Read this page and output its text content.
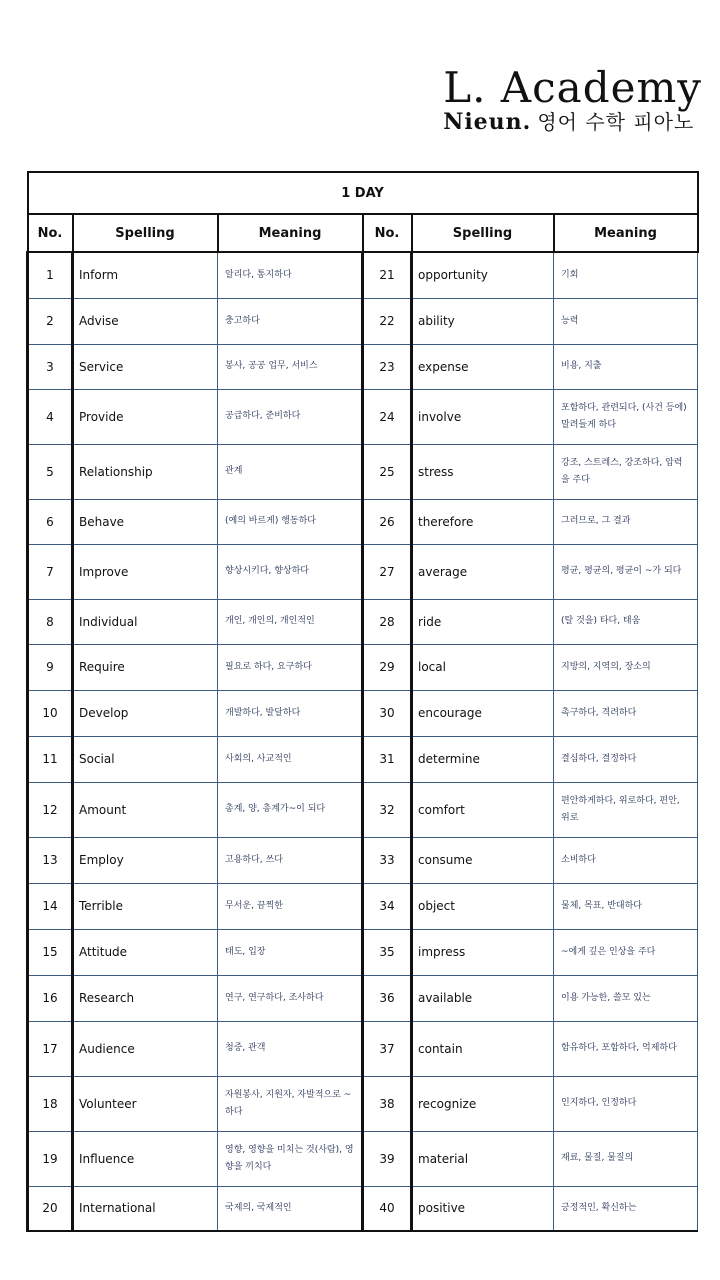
L. Academy
Nieun. 영어 수학 피아노
1 DAY					
No.	Spelling	Meaning	No.	Spelling	Meaning
1	Inform	알리다, 통지하다	21	opportunity	기회
2	Advise	충고하다	22	ability	능력
3	Service	봉사, 공공 업무, 서비스	23	expense	비용, 지출
4	Provide	공급하다, 준비하다	24	involve	포함하다, 관련되다, (사건 등에) 말려들게 하다
5	Relationship	관계	25	stress	강조, 스트레스, 강조하다, 압력을 주다
6	Behave	(예의 바르게) 행동하다	26	therefore	그러므로, 그 결과
7	Improve	향상시키다, 향상하다	27	average	평균, 평균의, 평균이 ~가 되다
8	Individual	개인, 개인의, 개인적인	28	ride	(탈 것을) 타다, 태움
9	Require	필요로 하다, 요구하다	29	local	지방의, 지역의, 장소의
10	Develop	개발하다, 발달하다	30	encourage	촉구하다, 격려하다
11	Social	사회의, 사교적인	31	determine	결심하다, 결정하다
12	Amount	총계, 양, 총계가~이 되다	32	comfort	편안하게하다, 위로하다, 편안, 위로
13	Employ	고용하다, 쓰다	33	consume	소비하다
14	Terrible	무서운, 끔찍한	34	object	물체, 목표, 반대하다
15	Attitude	태도, 입장	35	impress	~에게 깊은 인상을 주다
16	Research	연구, 연구하다, 조사하다	36	available	이용 가능한, 쓸모 있는
17	Audience	청중, 관객	37	contain	함유하다, 포함하다, 억제하다
18	Volunteer	자원봉사, 지원자, 자발적으로 ~하다	38	recognize	인지하다, 인정하다
19	Influence	영향, 영향을 미치는 것(사람), 영향을 끼치다	39	material	재료, 물질, 물질의
20	International	국제의, 국제적인	40	positive	긍정적인, 확신하는
